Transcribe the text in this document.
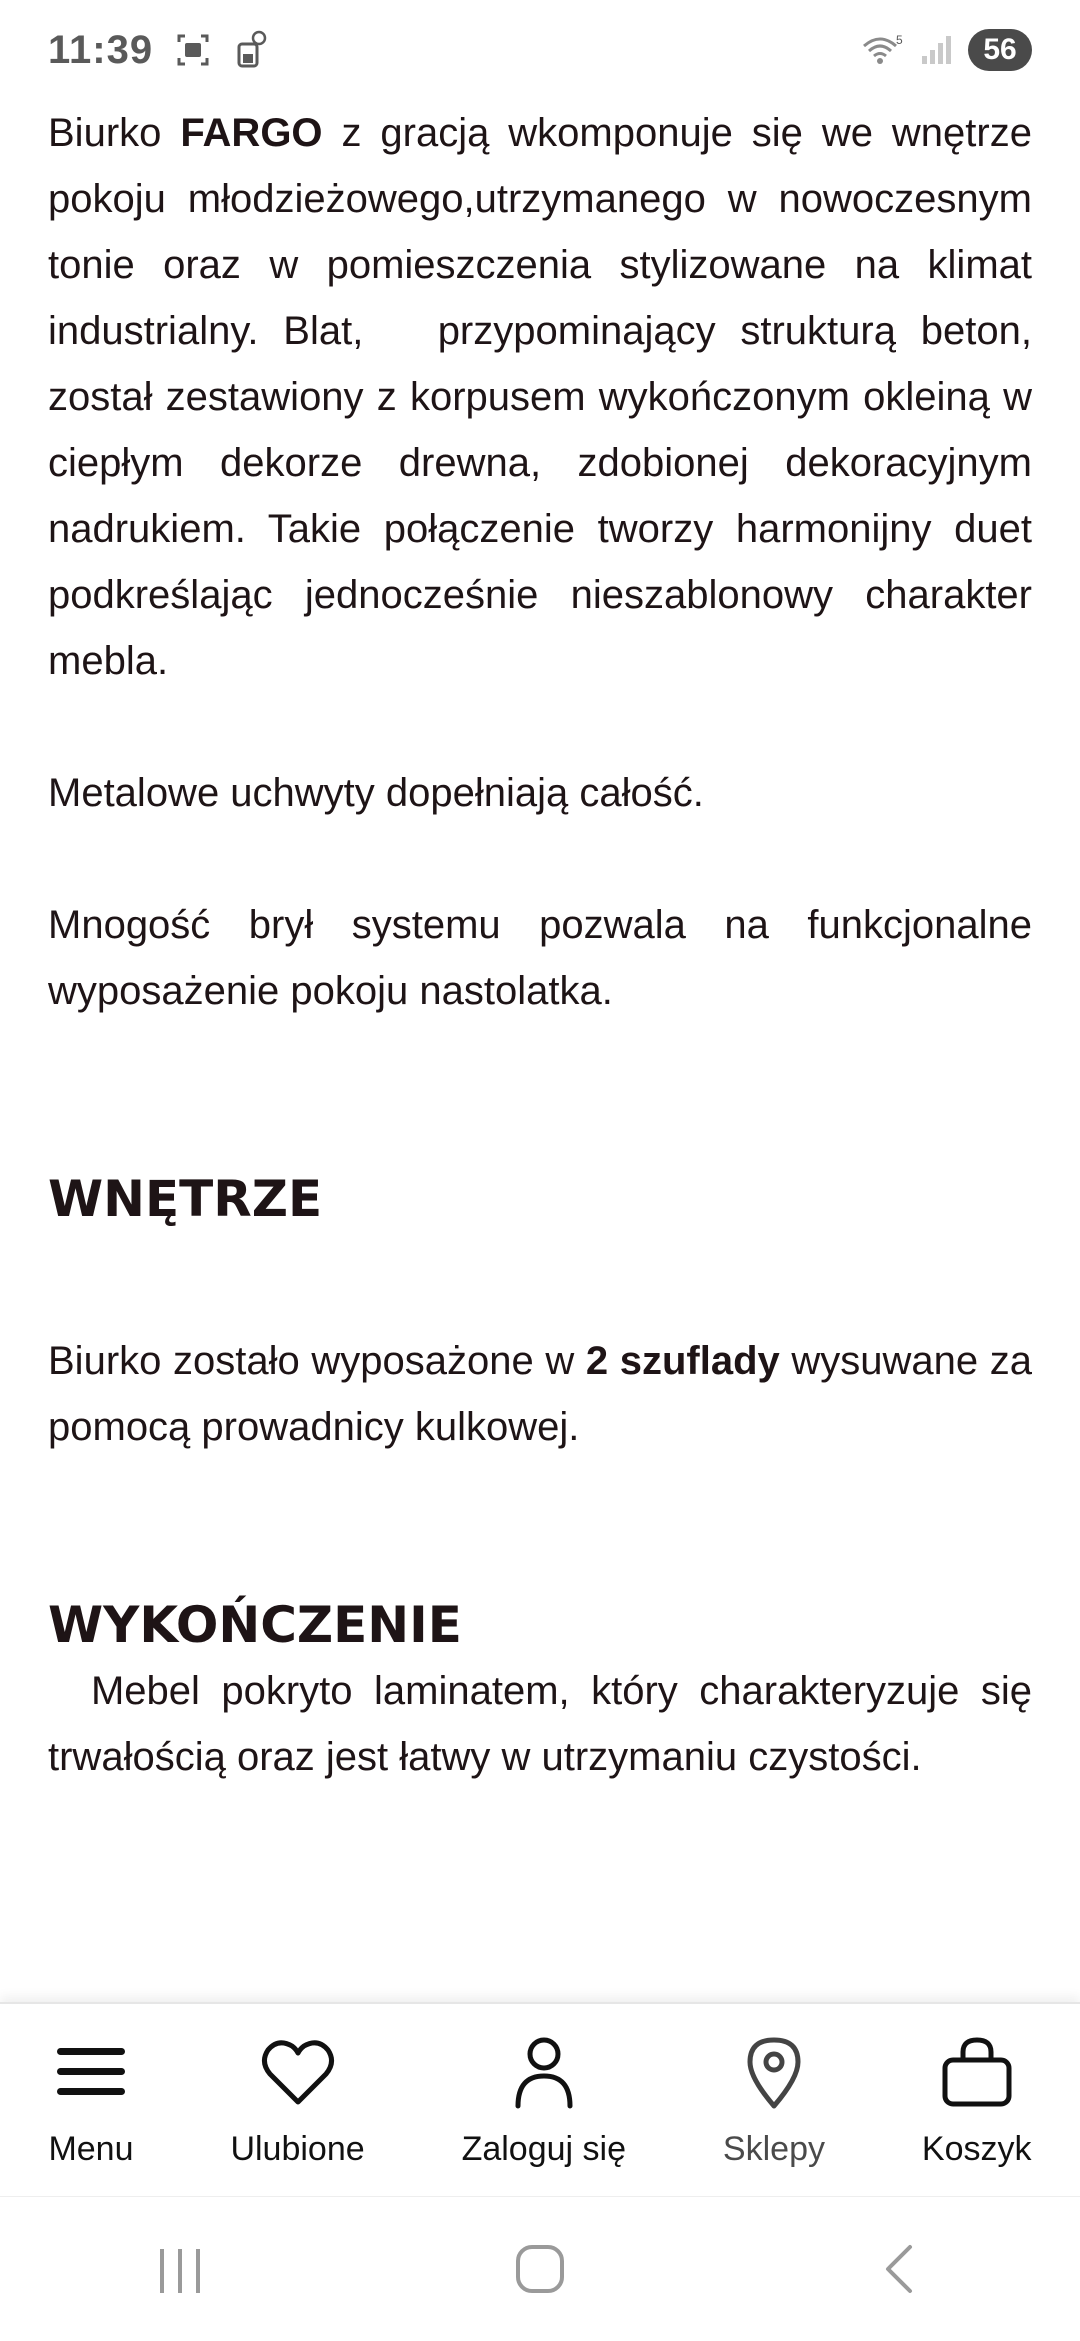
11:39	5	56

Biurko FARGO z gracją wkomponuje się we wnętrze pokoju młodzieżowego,utrzymanego w nowoczesnym tonie oraz w pomieszczenia stylizowane na klimat industrialny. Blat,   przypominający strukturą beton, został zestawiony z korpusem wykończonym okleiną w ciepłym dekorze drewna, zdobionej dekoracyjnym nadrukiem. Takie połączenie tworzy harmonijny duet podkreślając jednocześnie nieszablonowy charakter mebla.

Metalowe uchwyty dopełniają całość.

Mnogość brył systemu pozwala na funkcjonalne wyposażenie pokoju nastolatka.

WNĘTRZE

Biurko zostało wyposażone w 2 szuflady wysuwane za pomocą prowadnicy kulkowej.

WYKOŃCZENIE

Mebel pokryto laminatem, który charakteryzuje się trwałością oraz jest łatwy w utrzymaniu czystości.

Menu	Ulubione	Zaloguj się	Sklepy	Koszyk
